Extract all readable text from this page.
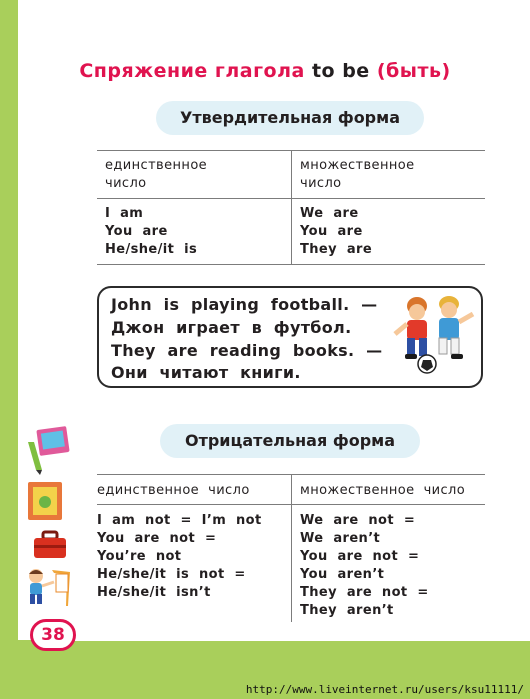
Спряжение глагола to be (быть)
Утвердительная форма
единственное
число
множественное
число
I  am
You  are
He/she/it  is
We  are
You  are
They  are
John  is  playing  football.  —
Джон  играет  в  футбол.
They  are  reading  books.  —
Они  читают  книги.
Отрицательная форма
единственное  число	множественное  число
I  am  not  =  I’m  not
You  are  not  =
You’re  not
He/she/it  is  not  =
He/she/it  isn’t
We  are  not  =
We  aren’t
You  are  not  =
You  aren’t
They  are  not  =
They  aren’t
38
http://www.liveinternet.ru/users/ksu11111/
